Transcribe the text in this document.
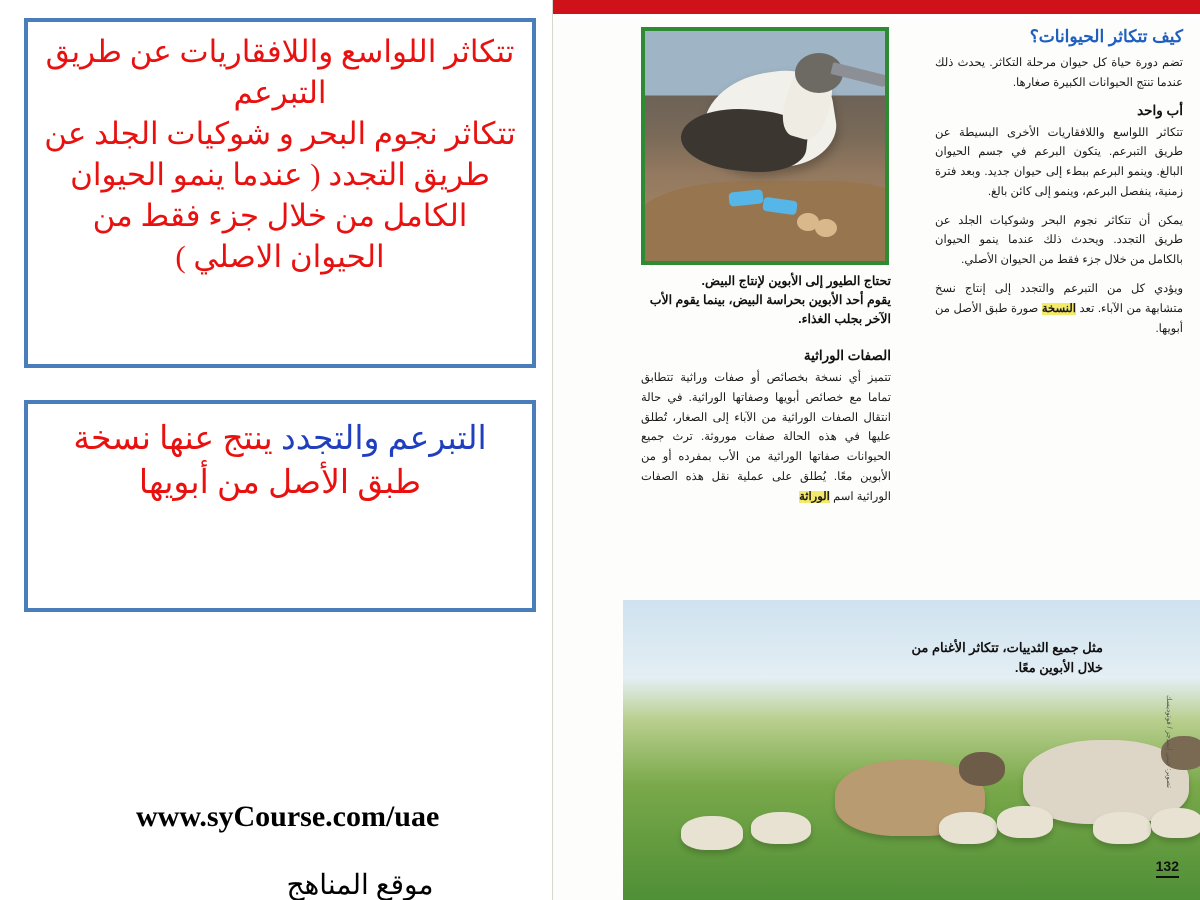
تتكاثر اللواسع واللافقاريات عن طريق التبرعم

تتكاثر نجوم البحر و شوكيات الجلد عن طريق التجدد ( عندما ينمو الحيوان الكامل من خلال جزء فقط من الحيوان الاصلي )

التبرعم والتجدد ينتج عنها نسخة طبق الأصل من أبويها

www.syCourse.com/uae
موقع المناهج
تحتاج الطيور إلى الأبوين لإنتاج البيض.
يقوم أحد الأبوين بحراسة البيض، بينما يقوم الأب الآخر بجلب الغذاء.
كيف تتكاثر الحيوانات؟

تضم دورة حياة كل حيوان مرحلة التكاثر. يحدث ذلك عندما تنتج الحيوانات الكبيرة صغارها.

أب واحد

تتكاثر اللواسع واللافقاريات الأخرى البسيطة عن طريق التبرعم. يتكون البرعم في جسم الحيوان البالغ. وينمو البرعم ببطء إلى حيوان جديد. وبعد فترة زمنية، ينفصل البرعم، وينمو إلى كائن بالغ.

يمكن أن تتكاثر نجوم البحر وشوكيات الجلد عن طريق التجدد. ويحدث ذلك عندما ينمو الحيوان بالكامل من خلال جزء فقط من الحيوان الأصلي.

ويؤدي كل من التبرعم والتجدد إلى إنتاج نسخ متشابهة من الآباء. تعد النسخة صورة طبق الأصل من أبويها.

الصفات الوراثية

تتميز أي نسخة بخصائص أو صفات وراثية تتطابق تماما مع خصائص أبويها وصفاتها الوراثية. في حالة انتقال الصفات الوراثية من الآباء إلى الصغار، تُطلق عليها في هذه الحالة صفات موروثة. ترث جميع الحيوانات صفاتها الوراثية من الأب بمفرده أو من الأبوين معًا. يُطلق على عملية نقل هذه الصفات الوراثية اسم الوراثة

مثل جميع الثدييات، تتكاثر الأغنام من خلال الأبوين معًا.
تصوير: جيتي إيمدجز / فوتوديسك
132
